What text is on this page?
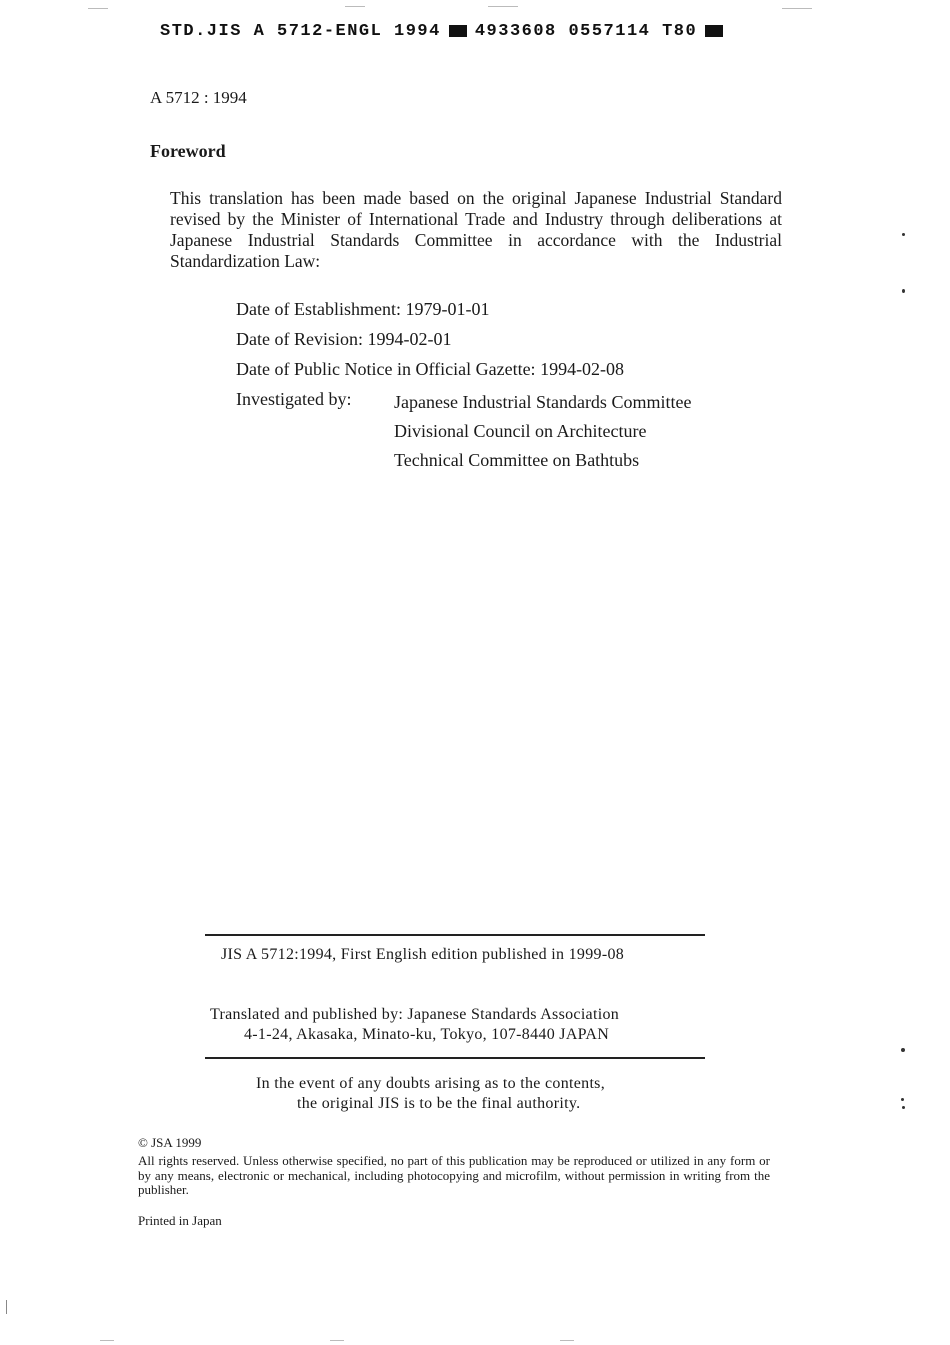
STD.JIS A 5712-ENGL 1994 4933608 0557114 T80
A 5712 : 1994
Foreword
This translation has been made based on the original Japanese Industrial Standard revised by the Minister of International Trade and Industry through deliberations at Japanese Industrial Standards Committee in accordance with the Industrial Standardization Law:
Date of Establishment: 1979-01-01
Date of Revision: 1994-02-01
Date of Public Notice in Official Gazette: 1994-02-08
Investigated by: Japanese Industrial Standards Committee
Divisional Council on Architecture
Technical Committee on Bathtubs
JIS A 5712:1994, First English edition published in 1999-08
Translated and published by: Japanese Standards Association
4-1-24, Akasaka, Minato-ku, Tokyo, 107-8440 JAPAN
In the event of any doubts arising as to the contents,
the original JIS is to be the final authority.
© JSA 1999
All rights reserved. Unless otherwise specified, no part of this publication may be reproduced or utilized in any form or by any means, electronic or mechanical, including photocopying and microfilm, without permission in writing from the publisher.
Printed in Japan
